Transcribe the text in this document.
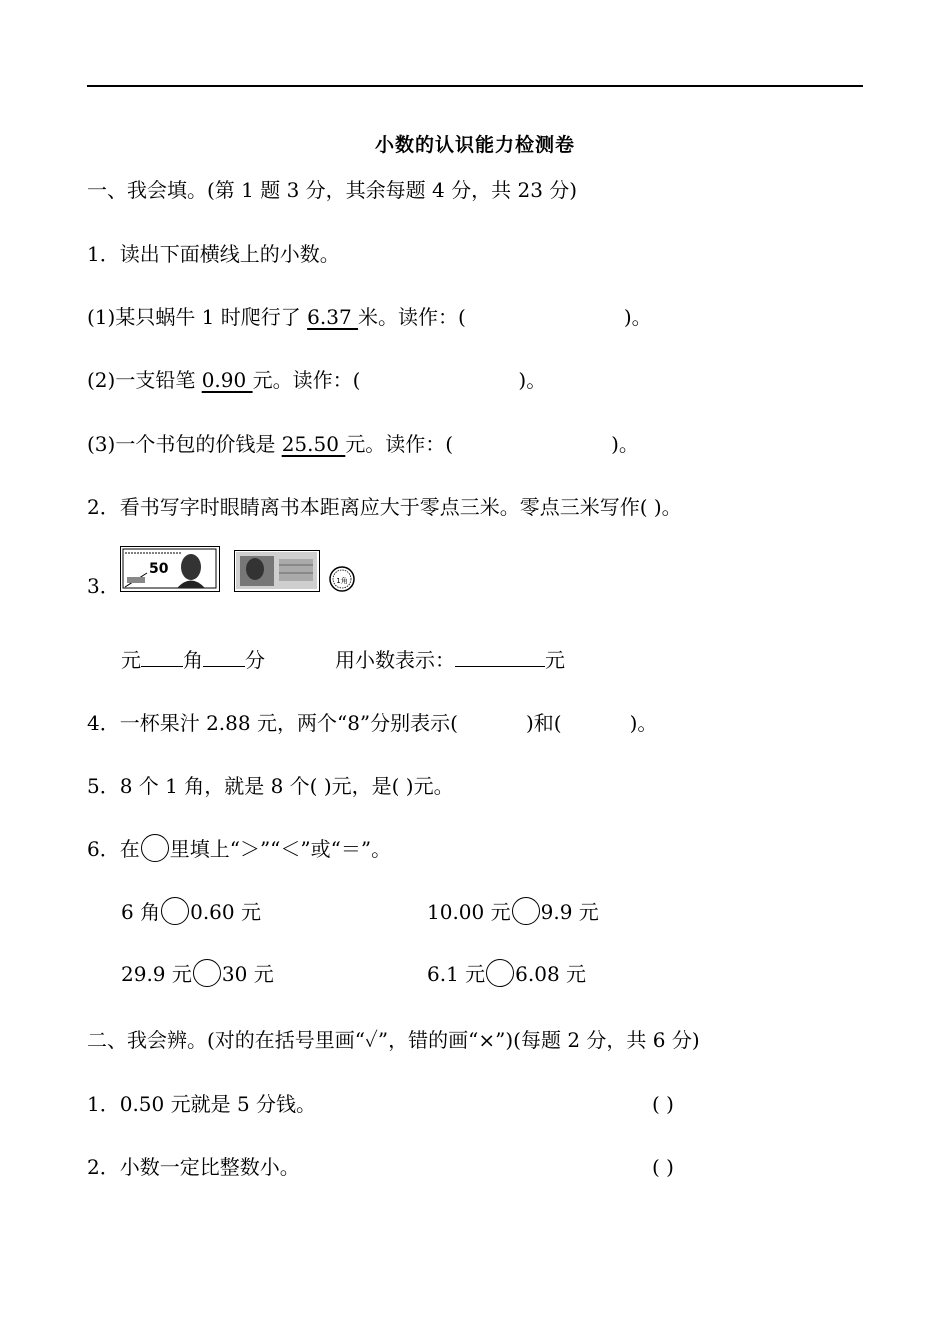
小数的认识能力检测卷
一、我会填。(第 1 题 3 分，其余每题 4 分，共 23 分)
1．读出下面横线上的小数。
(1)某只蜗牛 1 时爬行了 6.37 米。读作：(	)。
(2)一支铅笔 0.90 元。读作：(	)。
(3)一个书包的价钱是 25.50 元。读作：(	)。
2．看书写字时眼睛离书本距离应大于零点三米。零点三米写作( )。
3．
50
1角
元 角 分	用小数表示：	元
4．一杯果汁 2.88 元，两个“8”分别表示(	)和(	)。
5．8 个 1 角，就是 8 个( )元，是( )元。
6．在 里填上“＞”“＜”或“＝”。
6 角 0.60 元	10.00 元 9.9 元
29.9 元 30 元	6.1 元 6.08 元
二、我会辨。(对的在括号里画“✓”，错的画“×”)(每题 2 分，共 6 分)
1．0.50 元就是 5 分钱。	( )
2．小数一定比整数小。	( )
